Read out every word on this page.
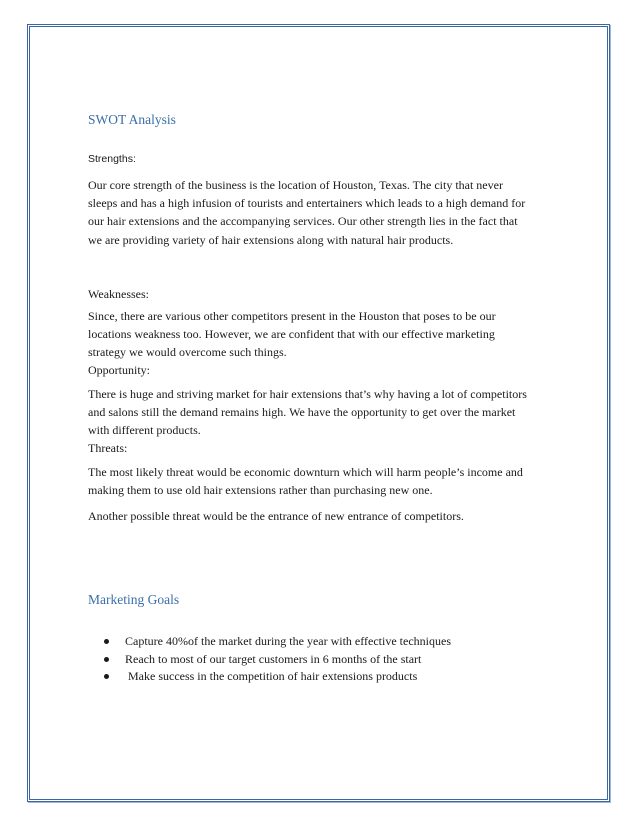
SWOT Analysis
Strengths:

Our core strength of the business is the location of Houston, Texas. The city that never sleeps and has a high infusion of tourists and entertainers which leads to a high demand for our hair extensions and the accompanying services. Our other strength lies in the fact that we are providing variety of hair extensions along with natural hair products.

Weaknesses:

Since, there are various other competitors present in the Houston that poses to be our locations weakness too. However, we are confident that with our effective marketing strategy we would overcome such things.

Opportunity:

There is huge and striving market for hair extensions that’s why having a lot of competitors and salons still the demand remains high. We have the opportunity to get over the market with different products.

Threats:

The most likely threat would be economic downturn which will harm people’s income and making them to use old hair extensions rather than purchasing new one.

Another possible threat would be the entrance of new entrance of competitors.

Marketing Goals
Capture 40%of the market during the year with effective techniques
Reach to most of our target customers in 6 months of the start
Make success in the competition of hair extensions products
